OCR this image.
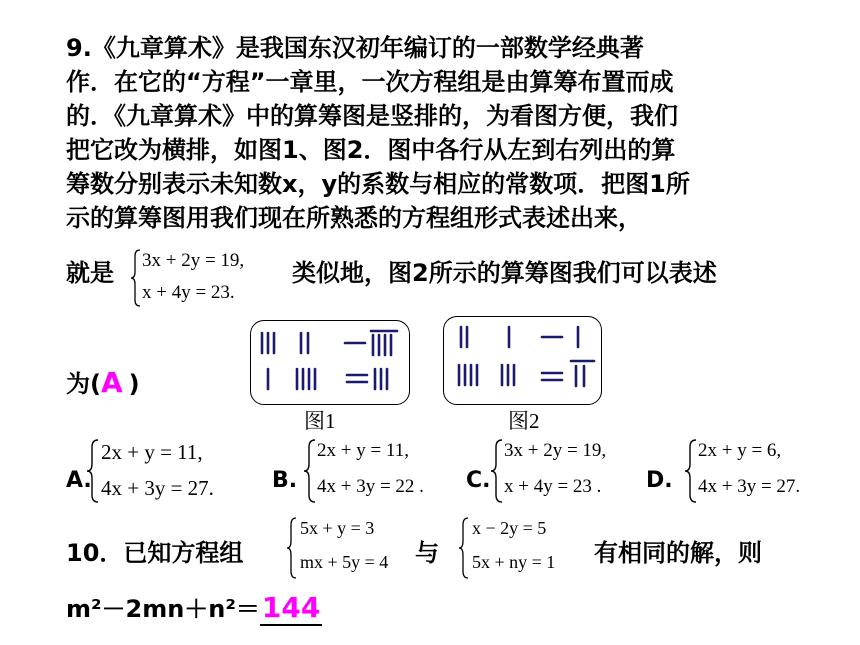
9.《九章算术》是我国东汉初年编订的一部数学经典著
作．在它的“方程”一章里，一次方程组是由算筹布置而成
的．《九章算术》中的算筹图是竖排的，为看图方便，我们
把它改为横排，如图1、图2．图中各行从左到右列出的算
筹数分别表示未知数x，y的系数与相应的常数项．把图1所
示的算筹图用我们现在所熟悉的方程组形式表述出来，
就是 3x + 2y = 19,
x + 4y = 23.
类似地，图2所示的算筹图我们可以表述
为(A )
图1	图2
A.
2x + y = 11,
4x + 3y = 27.	B.
2x + y = 11,
4x + 3y = 22 . C.
3x + 2y = 19,
x + 4y = 23 . D.
2x + y = 6,
4x + 3y = 27.
10．已知方程组
5x + y = 3
mx + 5y = 4 与
x − 2y = 5
5x + ny = 1 有相同的解，则
m²－2mn＋n²＝144
